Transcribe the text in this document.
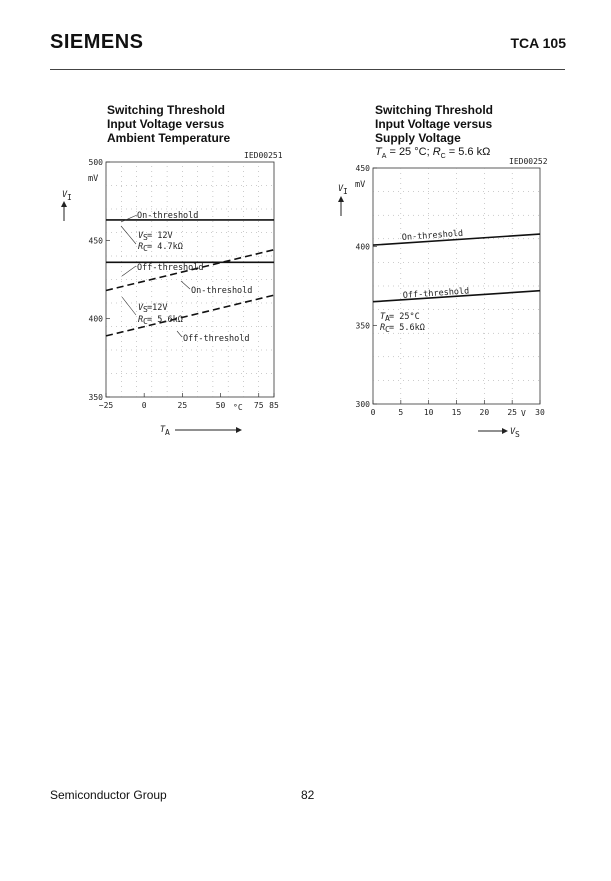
SIEMENS	TCA 105
Switching Threshold
Input Voltage versus
Ambient Temperature
Switching Threshold
Input Voltage versus
Supply Voltage
$T_A = 25$ °C; $R_C = 5.6$ kΩ
−25	0	25	50	75 85
350
400
450
500
IED00251
mV
V I
T A
°C
On-threshold
V S = 12V
R C = 4.7kΩ
Off-threshold
On-threshold
V S =12V
R C = 5.6kΩ
Off-threshold
0	5	10 15 20 25 30
300
350
400
450
IED00252
mV
V I
V S
V
On-threshold
Off-threshold
T A = 25°C
R C = 5.6kΩ
Semiconductor Group	82
